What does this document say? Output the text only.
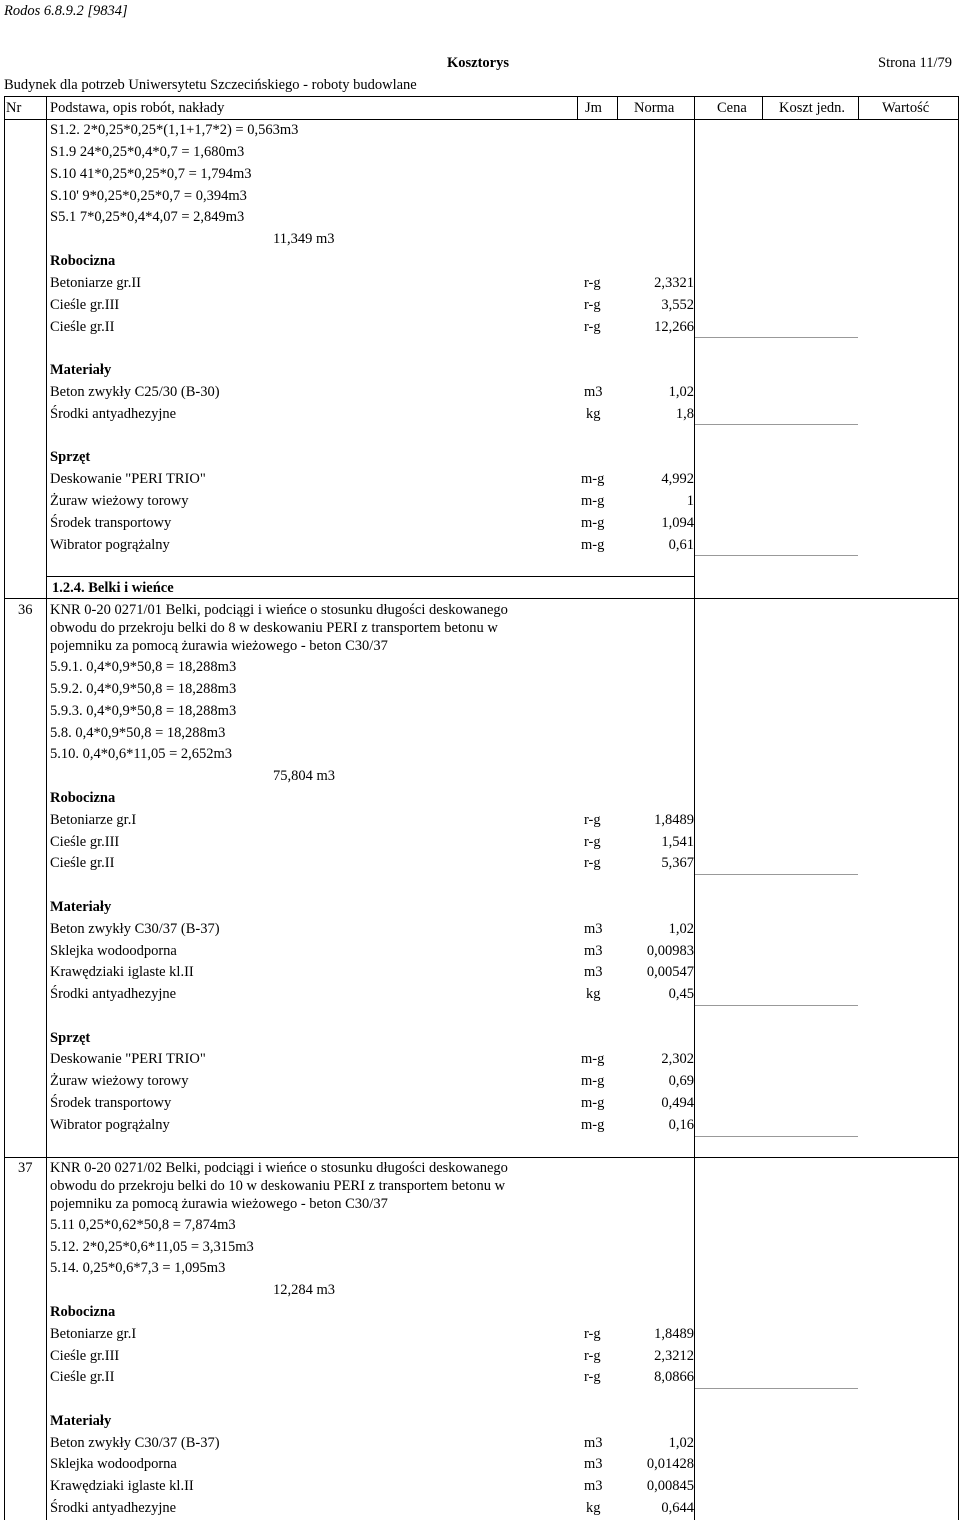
Rodos 6.8.9.2 [9834]
Kosztorys	Strona 11/79
Budynek dla potrzeb Uniwersytetu Szczecińskiego - roboty budowlane
Nr Podstawa, opis robót, nakłady	Jm Norma	Cena Koszt jedn.	Wartość
S1.2. 2*0,25*0,25*(1,1+1,7*2) = 0,563m3
S1.9 24*0,25*0,4*0,7 = 1,680m3
S.10 41*0,25*0,25*0,7 = 1,794m3
S.10' 9*0,25*0,25*0,7 = 0,394m3
S5.1 7*0,25*0,4*4,07 = 2,849m3
11,349 m3
Robocizna
Betoniarze gr.II	r-g	2,3321
Cieśle gr.III	r-g	3,552
Cieśle gr.II	r-g	12,266
Materiały
Beton zwykły C25/30 (B-30)	m3	1,02
Środki antyadhezyjne	kg	1,8
Sprzęt
Deskowanie "PERI TRIO"	m-g	4,992
Żuraw wieżowy torowy	m-g	1
Środek transportowy	m-g	1,094
Wibrator pogrążalny	m-g	0,61
1.2.4. Belki i wieńce
36 KNR 0-20 0271/01 Belki, podciągi i wieńce o stosunku długości deskowanego
obwodu do przekroju belki do 8 w deskowaniu PERI z transportem betonu w
pojemniku za pomocą żurawia wieżowego - beton C30/37
5.9.1. 0,4*0,9*50,8 = 18,288m3
5.9.2. 0,4*0,9*50,8 = 18,288m3
5.9.3. 0,4*0,9*50,8 = 18,288m3
5.8. 0,4*0,9*50,8 = 18,288m3
5.10. 0,4*0,6*11,05 = 2,652m3
75,804 m3
Robocizna
Betoniarze gr.I	r-g	1,8489
Cieśle gr.III	r-g	1,541
Cieśle gr.II	r-g	5,367
Materiały
Beton zwykły C30/37 (B-37)	m3	1,02
Sklejka wodoodporna	m3	0,00983
Krawędziaki iglaste kl.II	m3	0,00547
Środki antyadhezyjne	kg	0,45
Sprzęt
Deskowanie "PERI TRIO"	m-g	2,302
Żuraw wieżowy torowy	m-g	0,69
Środek transportowy	m-g	0,494
Wibrator pogrążalny	m-g	0,16
37 KNR 0-20 0271/02 Belki, podciągi i wieńce o stosunku długości deskowanego
obwodu do przekroju belki do 10 w deskowaniu PERI z transportem betonu w
pojemniku za pomocą żurawia wieżowego - beton C30/37
5.11 0,25*0,62*50,8 = 7,874m3
5.12. 2*0,25*0,6*11,05 = 3,315m3
5.14. 0,25*0,6*7,3 = 1,095m3
12,284 m3
Robocizna
Betoniarze gr.I	r-g	1,8489
Cieśle gr.III	r-g	2,3212
Cieśle gr.II	r-g	8,0866
Materiały
Beton zwykły C30/37 (B-37)	m3	1,02
Sklejka wodoodporna	m3	0,01428
Krawędziaki iglaste kl.II	m3	0,00845
Środki antyadhezyjne	kg	0,644
